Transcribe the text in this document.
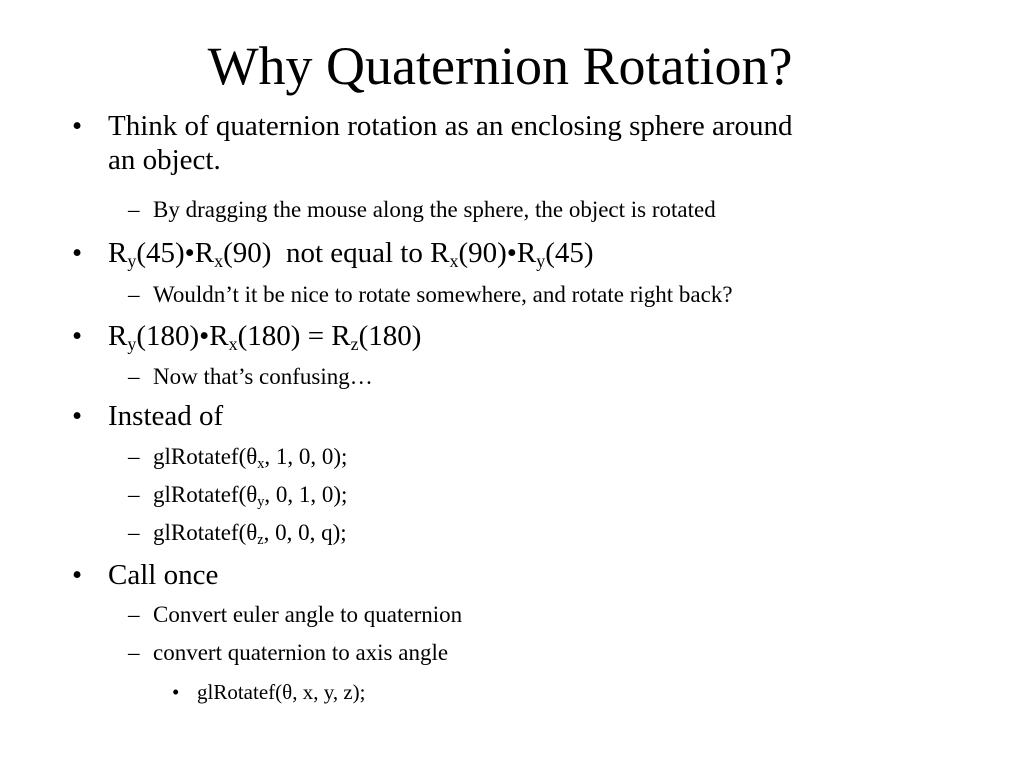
Why Quaternion Rotation?
• Think of quaternion rotation as an enclosing sphere around
an object.
– By dragging the mouse along the sphere, the object is rotated
• $R_y(45)•R_x(90)$  not equal to $R_x(90)•R_y(45)$
– Wouldn’t it be nice to rotate somewhere, and rotate right back?
• $R_y(180)•R_x(180) = R_z(180)$
– Now that’s confusing…
• Instead of
– $glRotatef(\theta_x$, 1, 0, 0);
– $glRotatef(\theta_y$, 0, 1, 0);
– $glRotatef(\theta_z$, 0, 0, q);
• Call once
– Convert euler angle to quaternion
– convert quaternion to axis angle
• glRotatef(θ, x, y, z);
